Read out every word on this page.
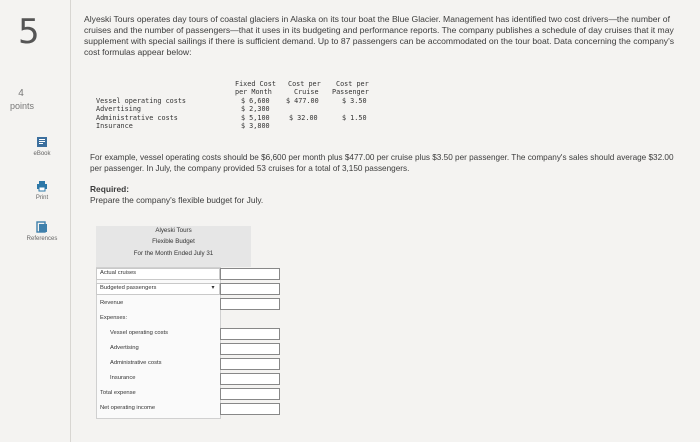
5
4
points
eBook
Print
References
Alyeski Tours operates day tours of coastal glaciers in Alaska on its tour boat the Blue Glacier. Management has identified two cost drivers—the number of cruises and the number of passengers—that it uses in its budgeting and performance reports. The company publishes a schedule of day cruises that it may supplement with special sailings if there is sufficient demand. Up to 87 passengers can be accommodated on the tour boat. Data concerning the company's cost formulas appear below:
Fixed Cost
per Month
Cost per
Cruise
Cost per
Passenger
Vessel operating costs	$ 6,600 $ 477.00	$ 3.50
Advertising	$ 2,300
Administrative costs	$ 5,100	$ 32.00	$ 1.50
Insurance	$ 3,800
For example, vessel operating costs should be $6,600 per month plus $477.00 per cruise plus $3.50 per passenger. The company's sales should average $32.00 per passenger. In July, the company provided 53 cruises for a total of 3,150 passengers.
Required:
Prepare the company's flexible budget for July.
Alyeski Tours
Flexible Budget
For the Month Ended July 31
Actual cruises
Budgeted passengers	▾
Revenue
Expenses:
Vessel operating costs
Advertising
Administrative costs
Insurance
Total expense
Net operating income
